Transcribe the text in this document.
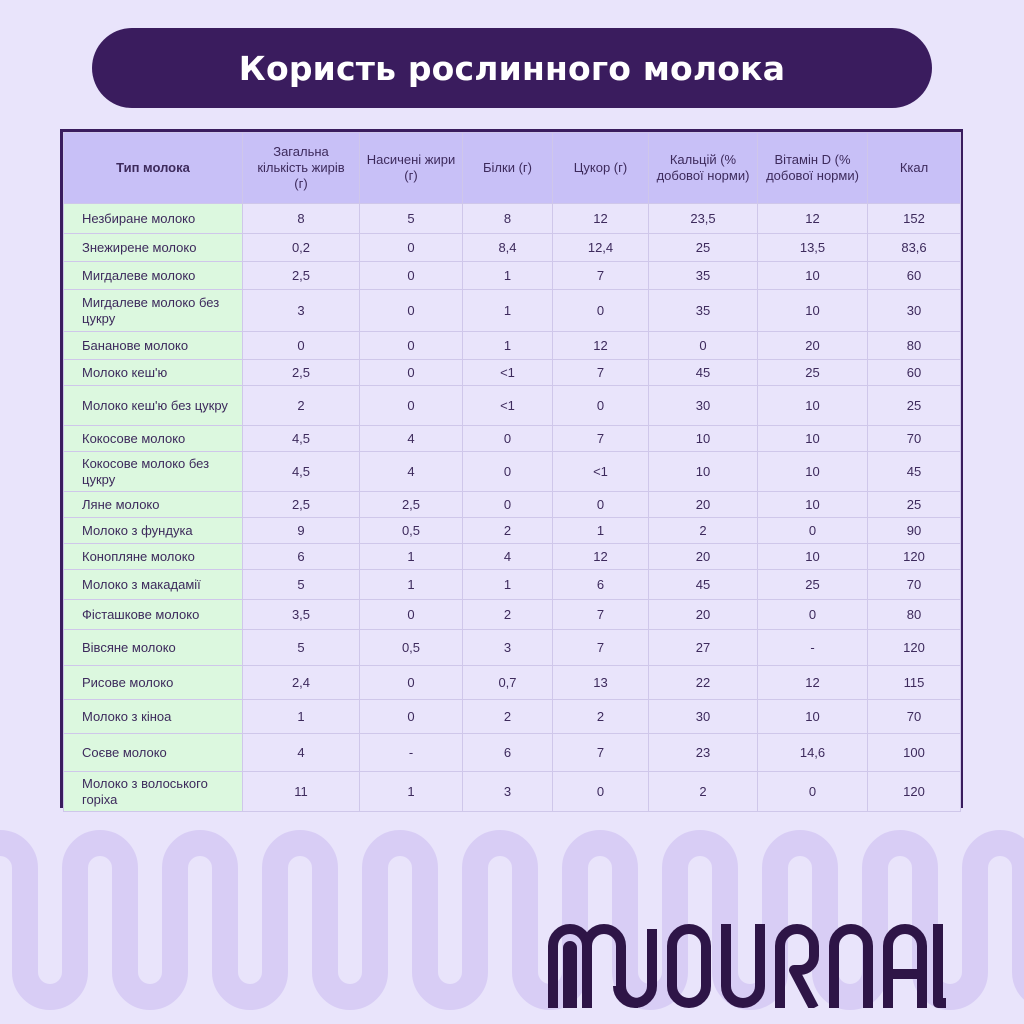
Користь рослинного молока
Тип молока	Загальна кількість жирів (г)	Насичені жири (г)	Білки (г)	Цукор (г)	Кальцій (% добової норми)	Вітамін D (% добової норми)	Ккал
Незбиране молоко	8	5	8	12	23,5	12	152
Знежирене молоко	0,2	0	8,4	12,4	25	13,5	83,6
Мигдалеве молоко	2,5	0	1	7	35	10	60
Мигдалеве молоко без цукру	3	0	1	0	35	10	30
Бананове молоко	0	0	1	12	0	20	80
Молоко кеш'ю	2,5	0	<1	7	45	25	60
Молоко кеш'ю без цукру	2	0	<1	0	30	10	25
Кокосове молоко	4,5	4	0	7	10	10	70
Кокосове молоко без цукру	4,5	4	0	<1	10	10	45
Ляне молоко	2,5	2,5	0	0	20	10	25
Молоко з фундука	9	0,5	2	1	2	0	90
Конопляне молоко	6	1	4	12	20	10	120
Молоко з макадамії	5	1	1	6	45	25	70
Фісташкове молоко	3,5	0	2	7	20	0	80
Вівсяне молоко	5	0,5	3	7	27	-	120
Рисове молоко	2,4	0	0,7	13	22	12	115
Молоко з кіноа	1	0	2	2	30	10	70
Соєве молоко	4	-	6	7	23	14,6	100
Молоко з волоського горіха	11	1	3	0	2	0	120
